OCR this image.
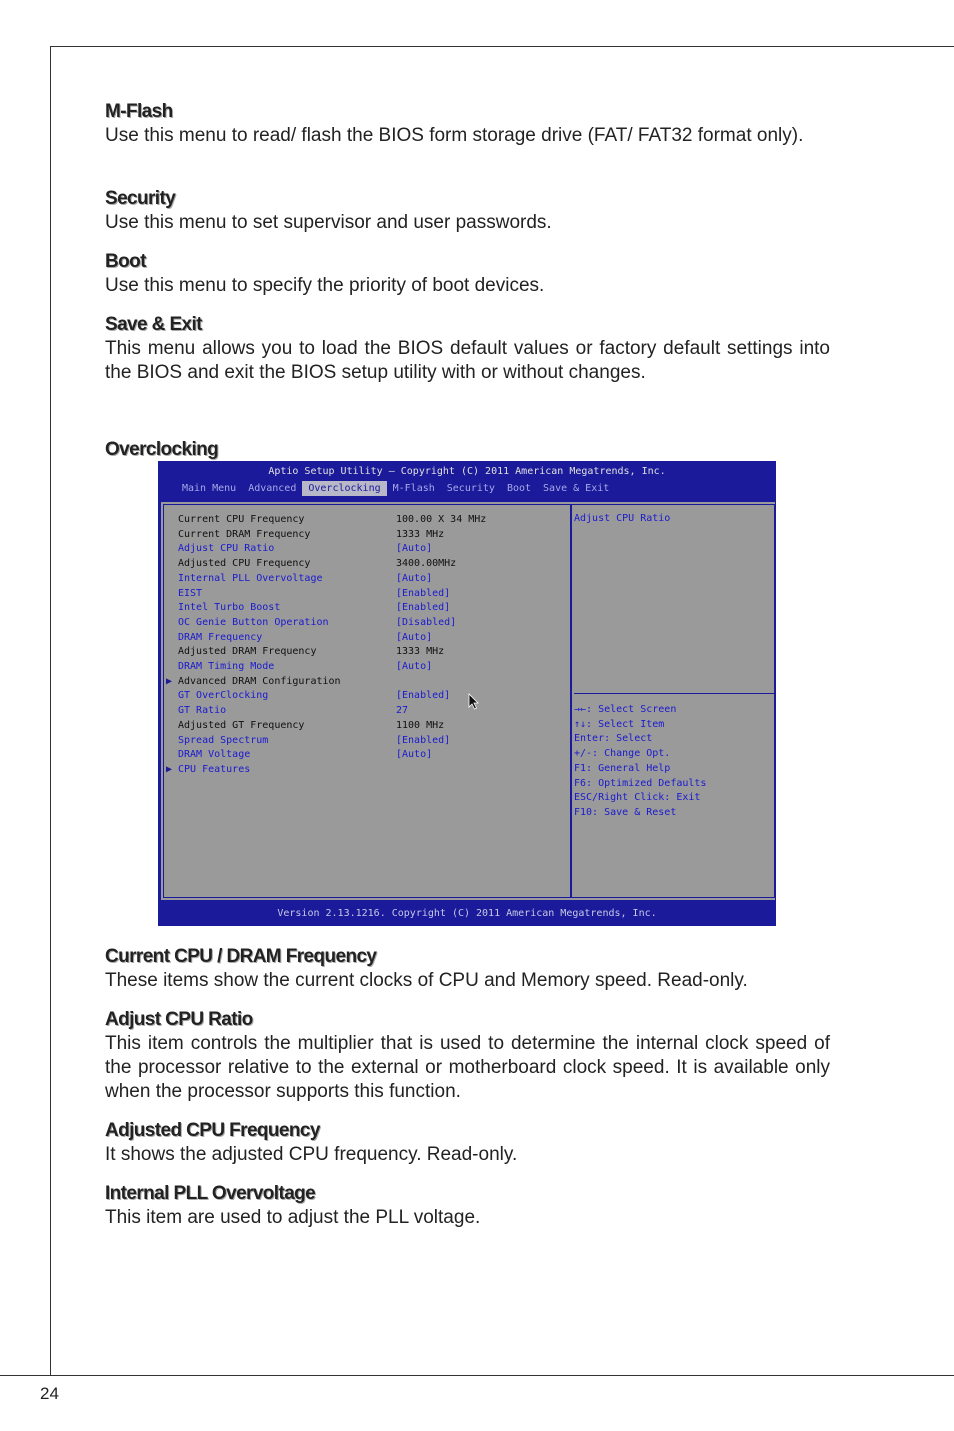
24
M-Flash
Use this menu to read/ flash the BIOS form storage drive (FAT/ FAT32 format only).
Security
Use this menu to set supervisor and user passwords.
Boot
Use this menu to specify the priority of boot devices.
Save & Exit
This menu allows you to load the BIOS default values or factory default settings into the BIOS and exit the BIOS setup utility with or without changes.
Overclocking
Aptio Setup Utility – Copyright (C) 2011 American Megatrends, Inc.
Main Menu	Advanced	Overclocking	M-Flash	Security	Boot	Save & Exit
Current CPU Frequency	100.00 X 34 MHz
Current DRAM Frequency	1333 MHz
Adjust CPU Ratio	[Auto]
Adjusted CPU Frequency	3400.00MHz
Internal PLL Overvoltage	[Auto]
EIST	[Enabled]
Intel Turbo Boost	[Enabled]
OC Genie Button Operation	[Disabled]
DRAM Frequency	[Auto]
Adjusted DRAM Frequency	1333 MHz
DRAM Timing Mode	[Auto]
▶ Advanced DRAM Configuration
GT OverClocking	[Enabled]
GT Ratio	27
Adjusted GT Frequency	1100 MHz
Spread Spectrum	[Enabled]
DRAM Voltage	[Auto]
▶ CPU Features
Adjust CPU Ratio
→←: Select Screen
↑↓: Select Item
Enter: Select
+/-: Change Opt.
F1: General Help
F6: Optimized Defaults
ESC/Right Click: Exit
F10: Save & Reset
Version 2.13.1216. Copyright (C) 2011 American Megatrends, Inc.
Current CPU / DRAM Frequency
These items show the current clocks of CPU and Memory speed. Read-only.
Adjust CPU Ratio
This item controls the multiplier that is used to determine the internal clock speed of the processor relative to the external or motherboard clock speed. It is available only when the processor supports this function.
Adjusted CPU Frequency
It shows the adjusted CPU frequency. Read-only.
Internal PLL Overvoltage
This item are used to adjust the PLL voltage.
